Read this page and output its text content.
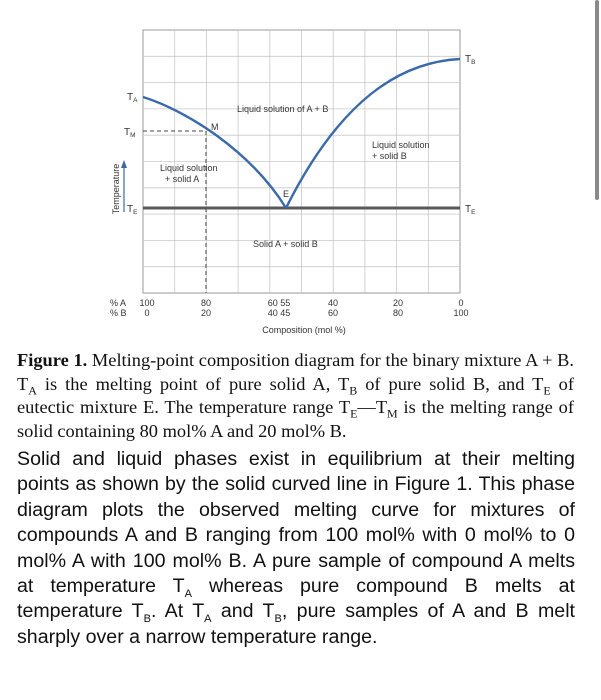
Temperature
$T_A$
$T_M$
$T_E$
$T_B$
$T_E$
M
E
Liquid solution of A + B
Liquid solution
+ solid A
Liquid solution
+ solid B
Solid A + solid B
% A
% B
100
0
80
20
60 55
40 45
40
60
20
80
0
100
Composition (mol %)
Figure 1. Melting-point composition diagram for the binary mixture A + B. $T_A$ is the melting point of pure solid A, $T_B$ of pure solid B, and $T_E$ of eutectic mixture E. The temperature range $T_E—T_M$ is the melting range of solid containing 80 mol% A and 20 mol% B.
Solid and liquid phases exist in equilibrium at their melting points as shown by the solid curved line in Figure 1. This phase diagram plots the observed melting curve for mixtures of compounds A and B ranging from 100 mol% with 0 mol% to 0 mol% A with 100 mol% B. A pure sample of compound A melts at temperature $T_A$ whereas pure compound B melts at temperature $T_B$. At $T_A$ and $T_B$, pure samples of A and B melt sharply over a narrow temperature range.
